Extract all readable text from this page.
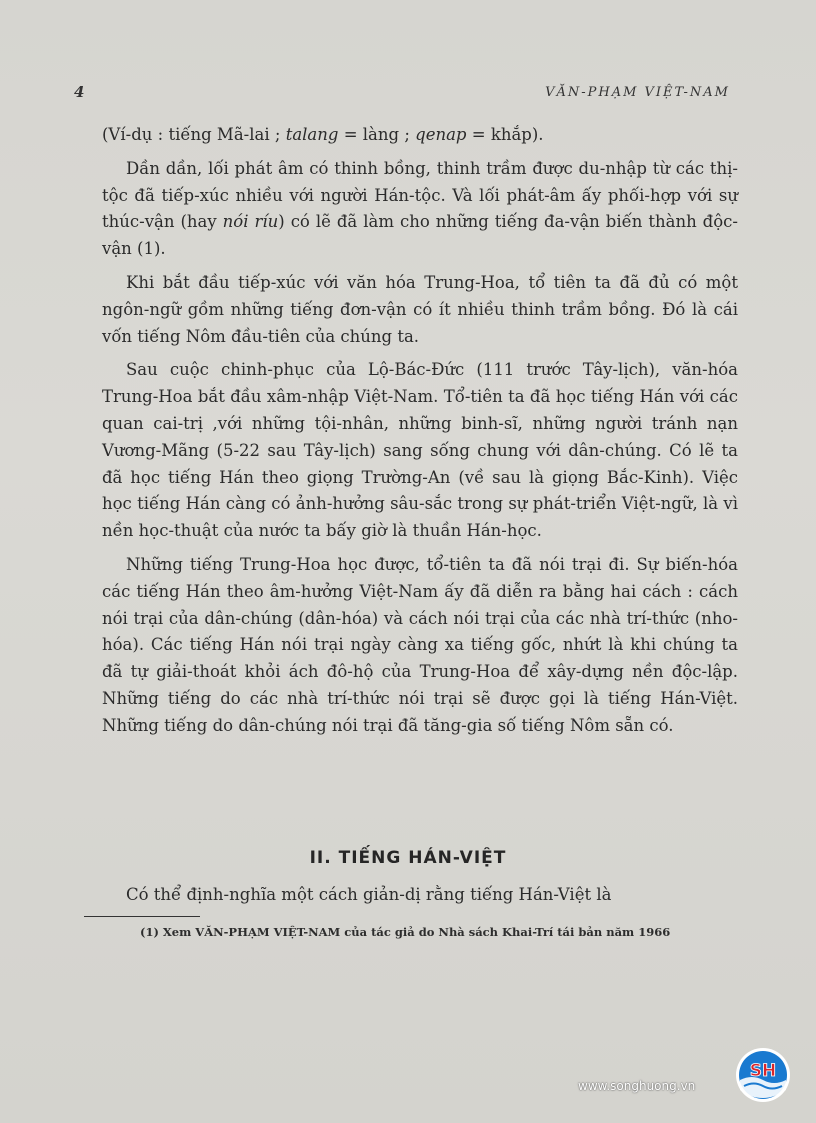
4	VĂN-PHẠM VIỆT-NAM

(Ví-dụ : tiếng Mã-lai ; talang = làng ; qenap = khắp).

Dần dần, lối phát âm có thinh bồng, thinh trầm được du-nhập từ các thị-tộc đã tiếp-xúc nhiều với người Hán-tộc. Và lối phát-âm ấy phối-hợp với sự thúc-vận (hay nói ríu) có lẽ đã làm cho những tiếng đa-vận biến thành độc-vận (1).

Khi bắt đầu tiếp-xúc với văn hóa Trung-Hoa, tổ tiên ta đã đủ có một ngôn-ngữ gồm những tiếng đơn-vận có ít nhiều thinh trầm bồng. Đó là cái vốn tiếng Nôm đầu-tiên của chúng ta.

Sau cuộc chinh-phục của Lộ-Bác-Đức (111 trước Tây-lịch), văn-hóa Trung-Hoa bắt đầu xâm-nhập Việt-Nam. Tổ-tiên ta đã học tiếng Hán với các quan cai-trị ,với những tội-nhân, những binh-sĩ, những người tránh nạn Vương-Mãng (5-22 sau Tây-lịch) sang sống chung với dân-chúng. Có lẽ ta đã học tiếng Hán theo giọng Trường-An (về sau là giọng Bắc-Kinh). Việc học tiếng Hán càng có ảnh-hưởng sâu-sắc trong sự phát-triển Việt-ngữ, là vì nền học-thuật của nước ta bấy giờ là thuần Hán-học.

Những tiếng Trung-Hoa học được, tổ-tiên ta đã nói trại đi. Sự biến-hóa các tiếng Hán theo âm-hưởng Việt-Nam ấy đã diễn ra bằng hai cách : cách nói trại của dân-chúng (dân-hóa) và cách nói trại của các nhà trí-thức (nho-hóa). Các tiếng Hán nói trại ngày càng xa tiếng gốc, nhứt là khi chúng ta đã tự giải-thoát khỏi ách đô-hộ của Trung-Hoa để xây-dựng nền độc-lập. Những tiếng do các nhà trí-thức nói trại sẽ được gọi là tiếng Hán-Việt. Những tiếng do dân-chúng nói trại đã tăng-gia số tiếng Nôm sẵn có.

II. TIẾNG HÁN-VIỆT

Có thể định-nghĩa một cách giản-dị rằng tiếng Hán-Việt là

(1) Xem VĂN-PHẠM VIỆT-NAM của tác giả do Nhà sách Khai-Trí tái bản năm 1966

SH
www.songhuong.vn
